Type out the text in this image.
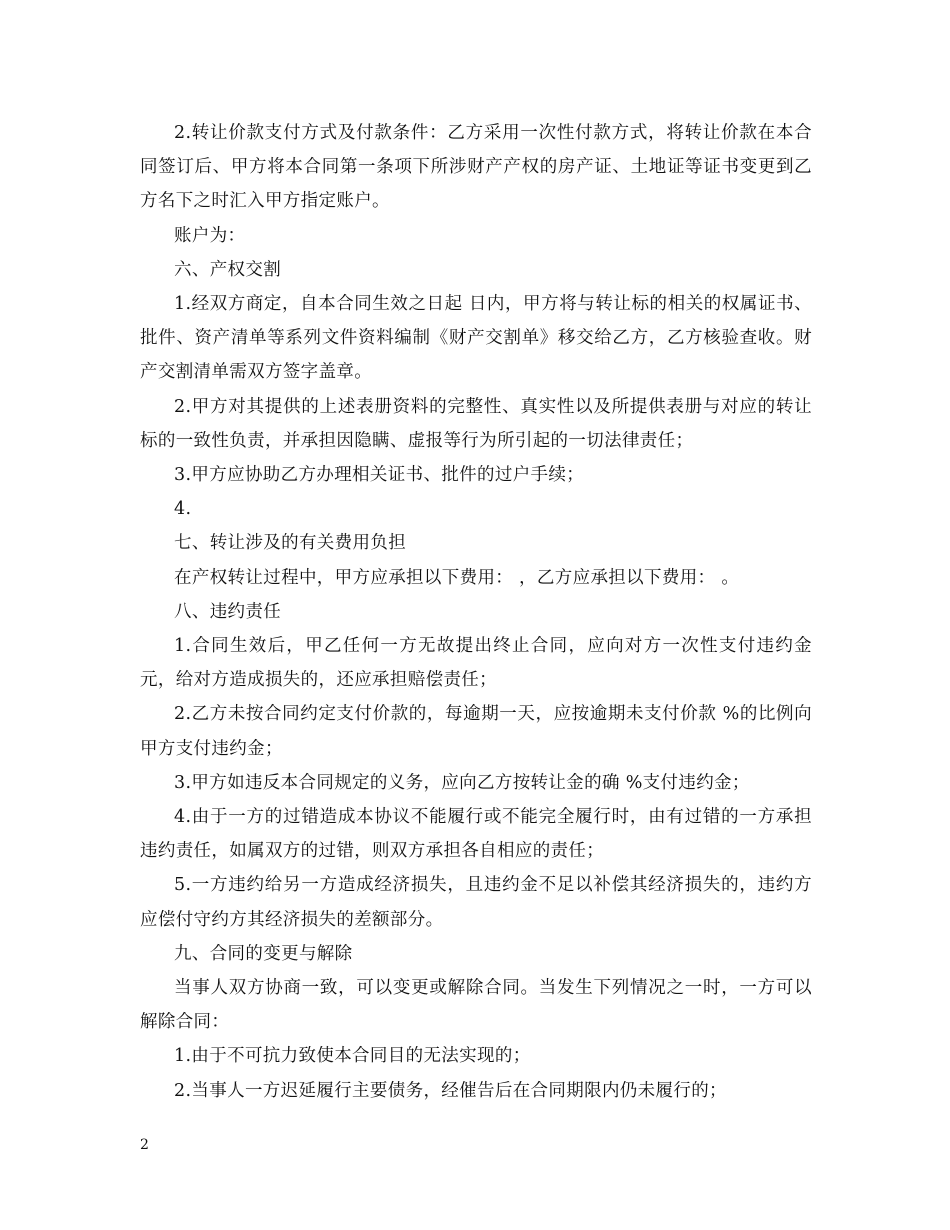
2.转让价款支付方式及付款条件：乙方采用一次性付款方式，将转让价款在本合同签订后、甲方将本合同第一条项下所涉财产产权的房产证、土地证等证书变更到乙方名下之时汇入甲方指定账户。

账户为：

六、产权交割

1.经双方商定，自本合同生效之日起 日内，甲方将与转让标的相关的权属证书、批件、资产清单等系列文件资料编制《财产交割单》移交给乙方，乙方核验查收。财产交割清单需双方签字盖章。

2.甲方对其提供的上述表册资料的完整性、真实性以及所提供表册与对应的转让标的一致性负责，并承担因隐瞒、虚报等行为所引起的一切法律责任；

3.甲方应协助乙方办理相关证书、批件的过户手续；

4.

七、转让涉及的有关费用负担

在产权转让过程中，甲方应承担以下费用： ，乙方应承担以下费用： 。

八、违约责任

1.合同生效后，甲乙任何一方无故提出终止合同，应向对方一次性支付违约金元，给对方造成损失的，还应承担赔偿责任；

2.乙方未按合同约定支付价款的，每逾期一天，应按逾期未支付价款 %的比例向甲方支付违约金；

3.甲方如违反本合同规定的义务，应向乙方按转让金的确 %支付违约金；

4.由于一方的过错造成本协议不能履行或不能完全履行时，由有过错的一方承担违约责任，如属双方的过错，则双方承担各自相应的责任；

5.一方违约给另一方造成经济损失，且违约金不足以补偿其经济损失的，违约方应偿付守约方其经济损失的差额部分。

九、合同的变更与解除

当事人双方协商一致，可以变更或解除合同。当发生下列情况之一时，一方可以解除合同：

1.由于不可抗力致使本合同目的无法实现的；

2.当事人一方迟延履行主要债务，经催告后在合同期限内仍未履行的；

2
